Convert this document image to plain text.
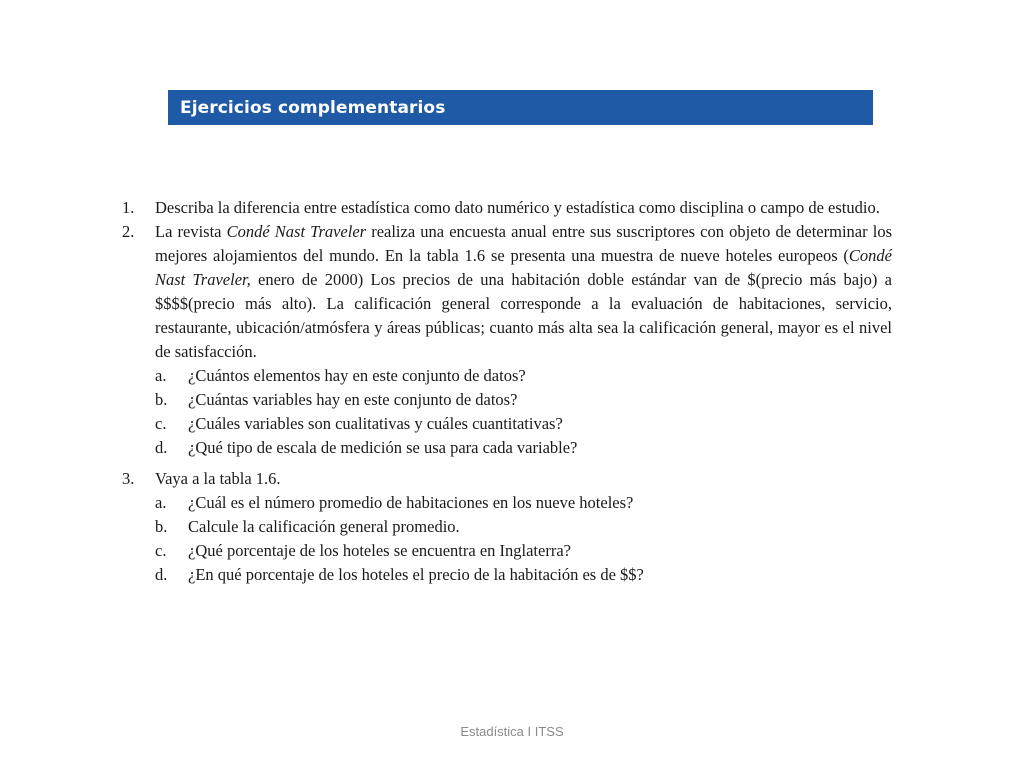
Ejercicios complementarios
1.	Describa la diferencia entre estadística como dato numérico y estadística como disciplina o campo de estudio.

2.	La revista Condé Nast Traveler realiza una encuesta anual entre sus suscriptores con objeto de determinar los mejores alojamientos del mundo. En la tabla 1.6 se presenta una muestra de nueve hoteles europeos (Condé Nast Traveler, enero de 2000) Los precios de una habitación doble estándar van de $(precio más bajo) a $$$$(precio más alto). La calificación general corresponde a la evaluación de habitaciones, servicio, restaurante, ubicación/atmósfera y áreas públicas; cuanto más alta sea la calificación general, mayor es el nivel de satisfacción.

a.	¿Cuántos elementos hay en este conjunto de datos?
b.	¿Cuántas variables hay en este conjunto de datos?
c.	¿Cuáles variables son cualitativas y cuáles cuantitativas?
d.	¿Qué tipo de escala de medición se usa para cada variable?
3.	Vaya a la tabla 1.6.

a.	¿Cuál es el número promedio de habitaciones en los nueve hoteles?
b.	Calcule la calificación general promedio.
c.	¿Qué porcentaje de los hoteles se encuentra en Inglaterra?
d.	¿En qué porcentaje de los hoteles el precio de la habitación es de $$?
Estadística I ITSS
